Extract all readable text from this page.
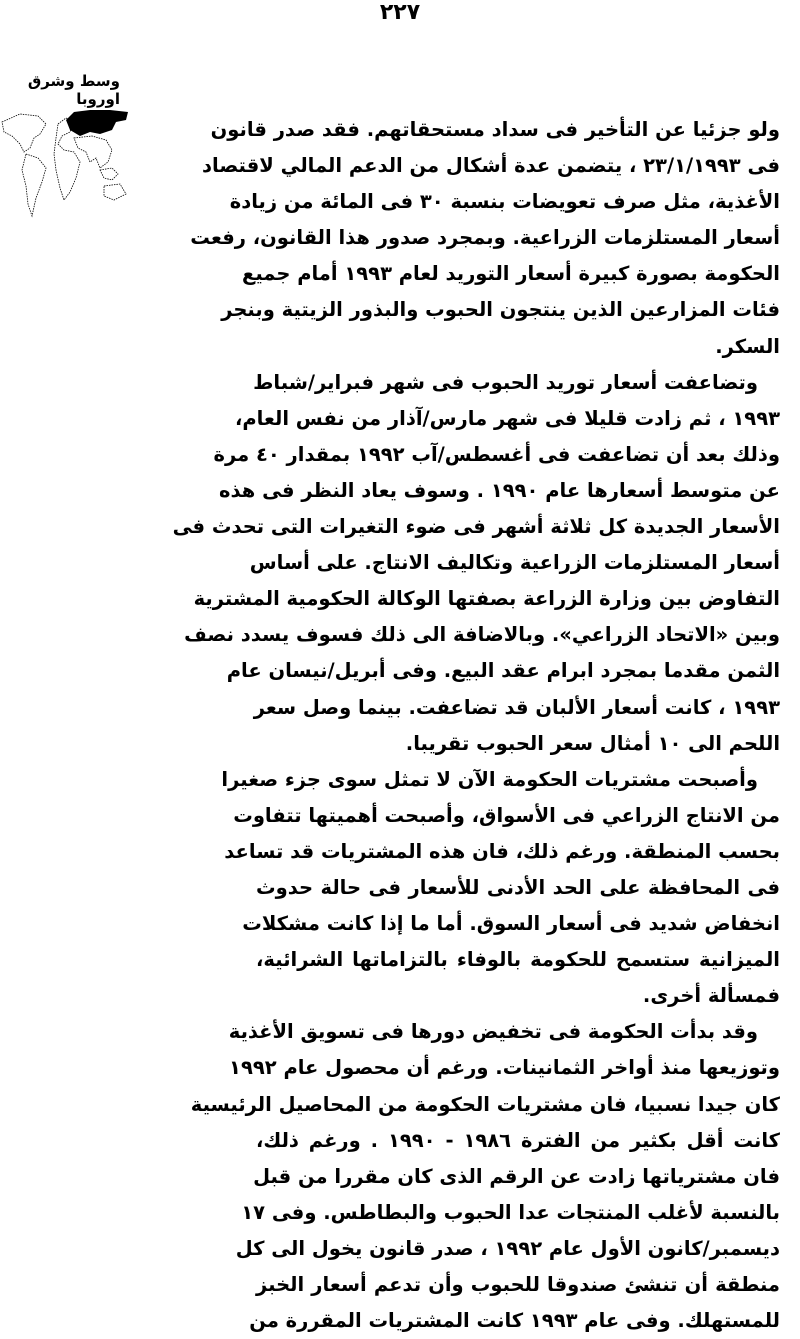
٢٢٧
وسط وشرق اوروبا
ولو جزئيا عن التأخير فى سداد مستحقاتهم. فقد صدر قانون
فى ٢٣/١/١٩٩٣ ، يتضمن عدة أشكال من الدعم المالي لاقتصاد
الأغذية، مثل صرف تعويضات بنسبة ٣٠ فى المائة من زيادة
أسعار المستلزمات الزراعية. وبمجرد صدور هذا القانون، رفعت
الحكومة بصورة كبيرة أسعار التوريد لعام ١٩٩٣ أمام جميع
فئات المزارعين الذين ينتجون الحبوب والبذور الزيتية وبنجر
السكر.
وتضاعفت أسعار توريد الحبوب فى شهر فبراير/شباط
١٩٩٣ ، ثم زادت قليلا فى شهر مارس/آذار من نفس العام،
وذلك بعد أن تضاعفت فى أغسطس/آب ١٩٩٢ بمقدار ٤٠ مرة
عن متوسط أسعارها عام ١٩٩٠ . وسوف يعاد النظر فى هذه
الأسعار الجديدة كل ثلاثة أشهر فى ضوء التغيرات التى تحدث فى
أسعار المستلزمات الزراعية وتكاليف الانتاج. على أساس
التفاوض بين وزارة الزراعة بصفتها الوكالة الحكومية المشترية
وبين «الاتحاد الزراعي». وبالاضافة الى ذلك فسوف يسدد نصف
الثمن مقدما بمجرد ابرام عقد البيع. وفى أبريل/نيسان عام
١٩٩٣ ، كانت أسعار الألبان قد تضاعفت. بينما وصل سعر
اللحم الى ١٠ أمثال سعر الحبوب تقريبا.
وأصبحت مشتريات الحكومة الآن لا تمثل سوى جزء صغيرا
من الانتاج الزراعي فى الأسواق، وأصبحت أهميتها تتفاوت
بحسب المنطقة. ورغم ذلك، فان هذه المشتريات قد تساعد
فى المحافظة على الحد الأدنى للأسعار فى حالة حدوث
انخفاض شديد فى أسعار السوق. أما ما إذا كانت مشكلات
الميزانية ستسمح للحكومة بالوفاء بالتزاماتها الشرائية،
فمسألة أخرى.
وقد بدأت الحكومة فى تخفيض دورها فى تسويق الأغذية
وتوزيعها منذ أواخر الثمانينات. ورغم أن محصول عام ١٩٩٢
كان جيدا نسبيا، فان مشتريات الحكومة من المحاصيل الرئيسية
كانت أقل بكثير من الفترة ١٩٨٦ - ١٩٩٠ . ورغم ذلك،
فان مشترياتها زادت عن الرقم الذى كان مقررا من قبل
بالنسبة لأغلب المنتجات عدا الحبوب والبطاطس. وفى ١٧
ديسمبر/كانون الأول عام ١٩٩٢ ، صدر قانون يخول الى كل
منطقة أن تنشئ صندوقا للحبوب وأن تدعم أسعار الخبز
للمستهلك. وفى عام ١٩٩٣ كانت المشتريات المقررة من
